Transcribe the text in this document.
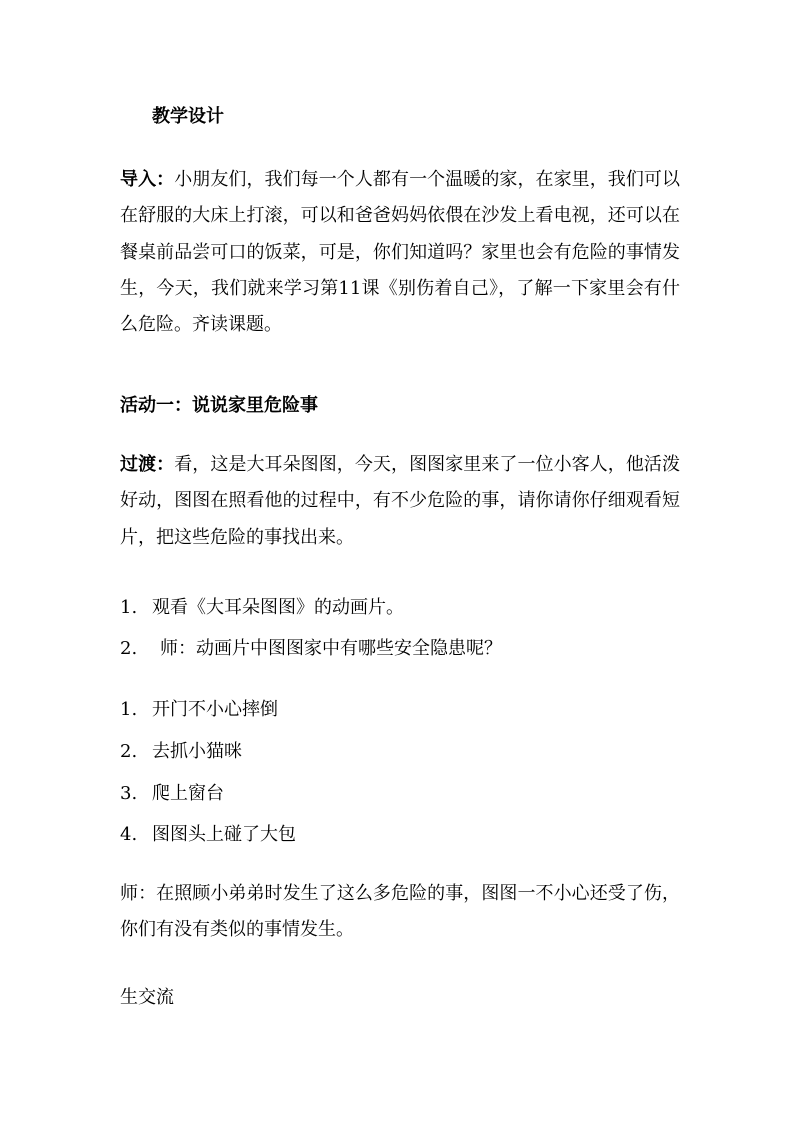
教学设计

导入：小朋友们，我们每一个人都有一个温暖的家，在家里，我们可以在舒服的大床上打滚，可以和爸爸妈妈依偎在沙发上看电视，还可以在餐桌前品尝可口的饭菜，可是，你们知道吗？家里也会有危险的事情发生，今天，我们就来学习第11课《别伤着自己》，了解一下家里会有什么危险。齐读课题。

活动一：说说家里危险事

过渡：看，这是大耳朵图图，今天，图图家里来了一位小客人，他活泼好动，图图在照看他的过程中，有不少危险的事，请你请你仔细观看短片，把这些危险的事找出来。

1. 观看《大耳朵图图》的动画片。
2. 师：动画片中图图家中有哪些安全隐患呢？
1. 开门不小心摔倒
2. 去抓小猫咪
3. 爬上窗台
4. 图图头上碰了大包

师：在照顾小弟弟时发生了这么多危险的事，图图一不小心还受了伤，你们有没有类似的事情发生。

生交流
